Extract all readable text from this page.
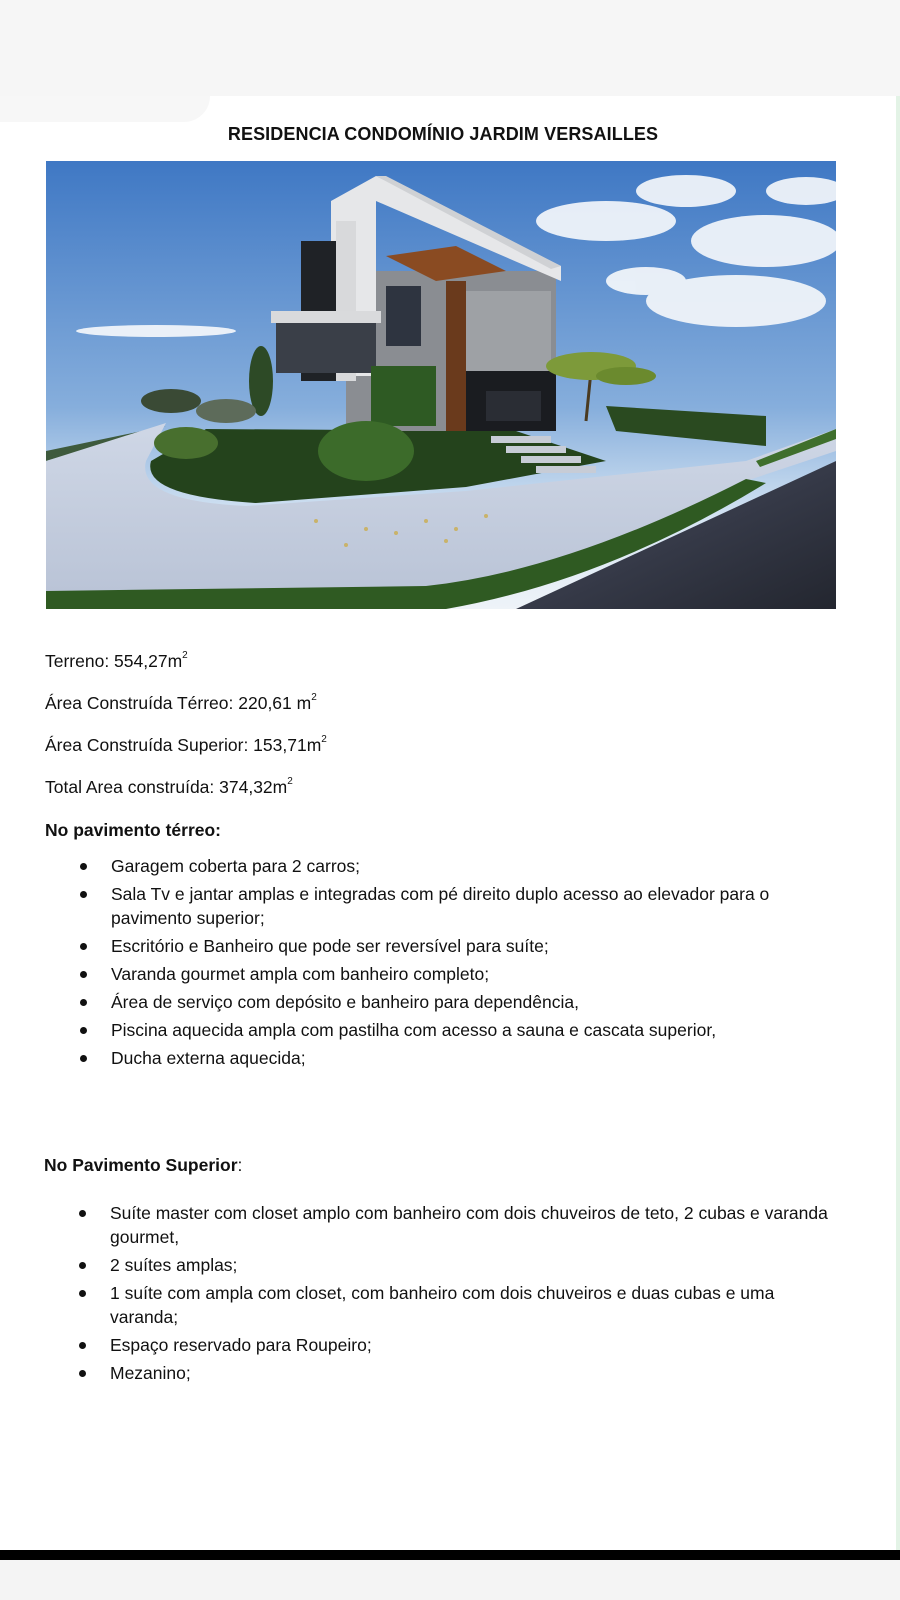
RESIDENCIA CONDOMÍNIO JARDIM VERSAILLES
Terreno: $554,27m^2$
Área Construída Térreo: 220,61 $m^2$
Área Construída Superior: $153,71m^2$
Total Area construída: $374,32m^2$
No pavimento térreo:
Garagem coberta para 2 carros;
Sala Tv e jantar amplas e integradas com pé direito duplo acesso ao elevador para o pavimento superior;
Escritório e Banheiro que pode ser reversível para suíte;
Varanda gourmet ampla com banheiro completo;
Área de serviço com depósito e banheiro para dependência,
Piscina aquecida ampla com pastilha com acesso a sauna e cascata superior,
Ducha externa aquecida;
No Pavimento Superior:
Suíte master com closet amplo com banheiro com dois chuveiros de teto, 2 cubas e varanda gourmet,
2 suítes amplas;
1 suíte com ampla com closet, com banheiro com dois chuveiros e duas cubas e uma varanda;
Espaço reservado para Roupeiro;
Mezanino;
